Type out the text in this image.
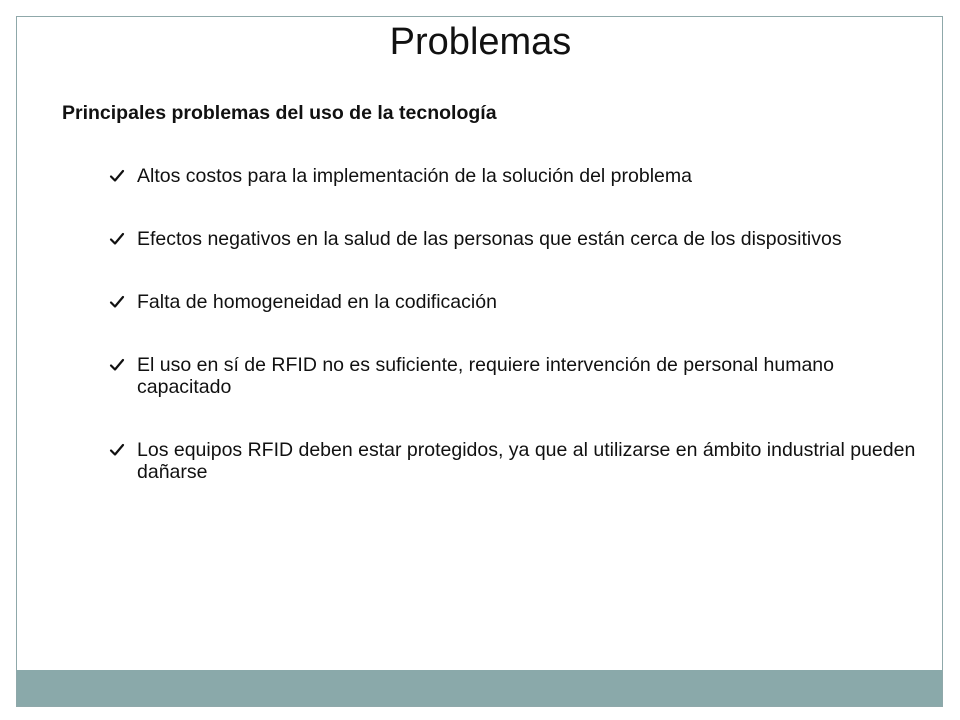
Problemas

Principales problemas del uso de la tecnología

Altos costos para la implementación de la solución del problema
Efectos negativos en la salud de las personas que están cerca de los dispositivos
Falta de homogeneidad en la codificación
El uso en sí de RFID no es suficiente, requiere intervención de personal humano capacitado
Los equipos RFID deben estar protegidos, ya que al utilizarse en ámbito industrial pueden dañarse
